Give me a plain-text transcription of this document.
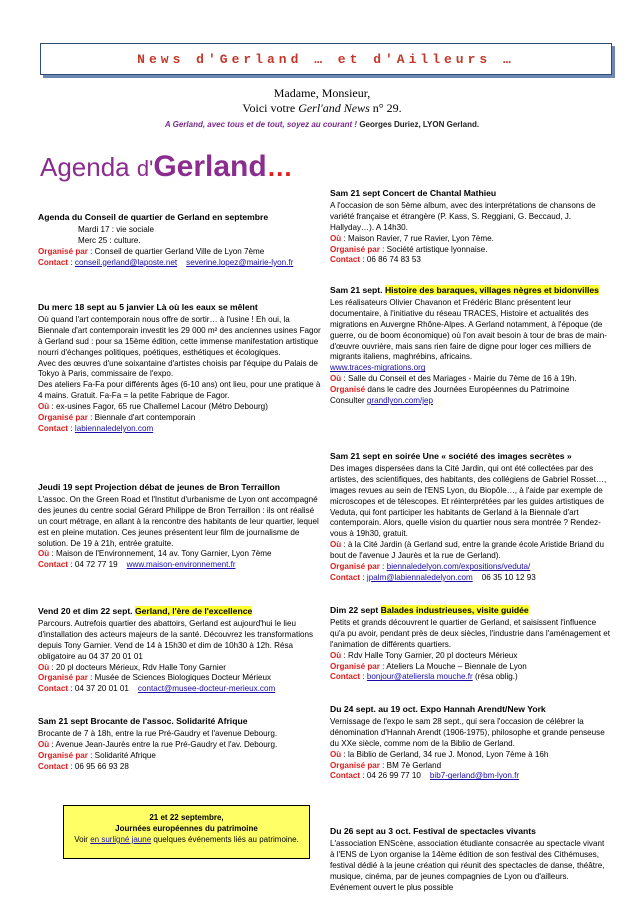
News d'Gerland … et d'Ailleurs …
Madame, Monsieur,
Voici votre Gerl'and News n° 29.
A Gerland, avec tous et de tout, soyez au courant ! Georges Duriez, LYON Gerland.
Agenda d'Gerland…

Agenda du Conseil de quartier de Gerland en septembre

Mardi 17 : vie sociale

Merc 25 : culture.

Organisé par : Conseil de quartier Gerland Ville de Lyon 7ème

Contact : conseil.gerland@laposte.net severine.lopez@mairie-lyon.fr

Du merc 18 sept au 5 janvier Là où les eaux se mêlent

Où quand l'art contemporain nous offre de sortir… à l'usine ! Eh oui, la Biennale d'art contemporain investit les 29 000 m² des anciennes usines Fagor à Gerland sud : pour sa 15ème édition, cette immense manifestation artistique nourri d'échanges politiques, poétiques, esthétiques et écologiques.

Avec des œuvres d'une soixantaine d'artistes choisis par l'équipe du Palais de Tokyo à Paris, commissaire de l'expo.

Des ateliers Fa-Fa pour différents âges (6-10 ans) ont lieu, pour une pratique à 4 mains. Gratuit. Fa-Fa = la petite Fabrique de Fagor.

Où : ex-usines Fagor, 65 rue Challemel Lacour (Métro Debourg)

Organisé par : Biennale d'art contemporain

Contact : labiennaledelyon.com

Jeudi 19 sept Projection débat de jeunes de Bron Terraillon

L'assoc. On the Green Road et l'Institut d'urbanisme de Lyon ont accompagné des jeunes du centre social Gérard Philippe de Bron Terraillon : ils ont réalisé un court métrage, en allant à la rencontre des habitants de leur quartier, lequel est en pleine mutation. Ces jeunes présentent leur film de journalisme de solution. De 19 à 21h, entrée gratuite.

Où : Maison de l'Environnement, 14 av. Tony Garnier, Lyon 7ème

Contact : 04 72 77 19 www.maison-environnement.fr

Vend 20 et dim 22 sept. Gerland, l'ère de l'excellence

Parcours. Autrefois quartier des abattoirs, Gerland est aujourd'hui le lieu d'installation des acteurs majeurs de la santé. Découvrez les transformations depuis Tony Garnier. Vend de 14 à 15h30 et dim de 10h30 à 12h. Résa obligatoire au 04 37 20 01 01

Où : 20 pl docteurs Mérieux, Rdv Halle Tony Garnier

Organisé par : Musée de Sciences Biologiques Docteur Mérieux

Contact : 04 37 20 01 01 contact@musee-docteur-merieux.com

Sam 21 sept Brocante de l'assoc. Solidarité Afrique

Brocante de 7 à 18h, entre la rue Pré-Gaudry et l'avenue Debourg.

Où : Avenue Jean-Jaurès entre la rue Pré-Gaudry et l'av. Debourg.

Organisé par : Solidarité Afrique

Contact : 06 95 66 93 28

21 et 22 septembre,
Journées européennes du patrimoine
Voir en surligné jaune quelques événements liés au patrimoine.

Sam 21 sept Concert de Chantal Mathieu

A l'occasion de son 5ème album, avec des interprétations de chansons de variété française et étrangère (P. Kass, S. Reggiani, G. Beccaud, J. Hallyday…). A 14h30.

Où : Maison Ravier, 7 rue Ravier, Lyon 7ème.

Organisé par : Société artistique lyonnaise.

Contact : 06 86 74 83 53

Sam 21 sept. Histoire des baraques, villages nègres et bidonvilles

Les réalisateurs Olivier Chavanon et Frédéric Blanc présentent leur documentaire, à l'initiative du réseau TRACES, Histoire et actualités des migrations en Auvergne Rhône-Alpes. A Gerland notamment, à l'époque (de guerre, ou de boom économique) où l'on avait besoin à tour de bras de main-d'œuvre ouvrière, mais sans rien faire de digne pour loger ces milliers de migrants italiens, maghrébins, africains.

www.traces-migrations.org

Où : Salle du Conseil et des Mariages - Mairie du 7ème de 16 à 19h.

Organisé dans le cadre des Journées Européennes du Patrimoine

Consulter grandlyon.com/jep

Sam 21 sept en soirée Une « société des images secrètes »

Des images dispersées dans la Cité Jardin, qui ont été collectées par des artistes, des scientifiques, des habitants, des collégiens de Gabriel Rosset…, images revues au sein de l'ENS Lyon, du Biopôle…, à l'aide par exemple de microscopes et de télescopes. Et réinterprétées par les guides artistiques de Veduta, qui font participer les habitants de Gerland à la Biennale d'art contemporain. Alors, quelle vision du quartier nous sera montrée ? Rendez-vous à 19h30, gratuit.

Où : à la Cité Jardin (à Gerland sud, entre la grande école Aristide Briand du bout de l'avenue J Jaurès et la rue de Gerland).

Organisé par : biennaledelyon.com/expositions/veduta/

Contact : jpalm@labiennaledelyon.com 06 35 10 12 93

Dim 22 sept Balades industrieuses, visite guidée

Petits et grands découvrent le quartier de Gerland, et saisissent l'influence qu'a pu avoir, pendant près de deux siècles, l'industrie dans l'aménagement et l'animation de différents quartiers.

Où : Rdv Halle Tony Garnier, 20 pl docteurs Mérieux

Organisé par : Ateliers La Mouche – Biennale de Lyon

Contact : bonjour@ateliersla mouche.fr (résa oblig.)

Du 24 sept. au 19 oct. Expo Hannah Arendt/New York

Vernissage de l'expo le sam 28 sept., qui sera l'occasion de célébrer la dénomination d'Hannah Arendt (1906-1975), philosophe et grande penseuse du XXe siècle, comme nom de la Biblio de Gerland.

Où : la Biblio de Gerland, 34 rue J. Monod, Lyon 7ème à 16h

Organisé par : BM 7è Gerland

Contact : 04 26 99 77 10 bib7-gerland@bm-lyon.fr

Du 26 sept au 3 oct. Festival de spectacles vivants

L'association ENScène, association étudiante consacrée au spectacle vivant à l'ENS de Lyon organise la 14ème édition de son festival des Cithémuses, festival dédié à la jeune création qui réunit des spectacles de danse, théâtre, musique, cinéma, par de jeunes compagnies de Lyon ou d'ailleurs. Evénement ouvert le plus possible
